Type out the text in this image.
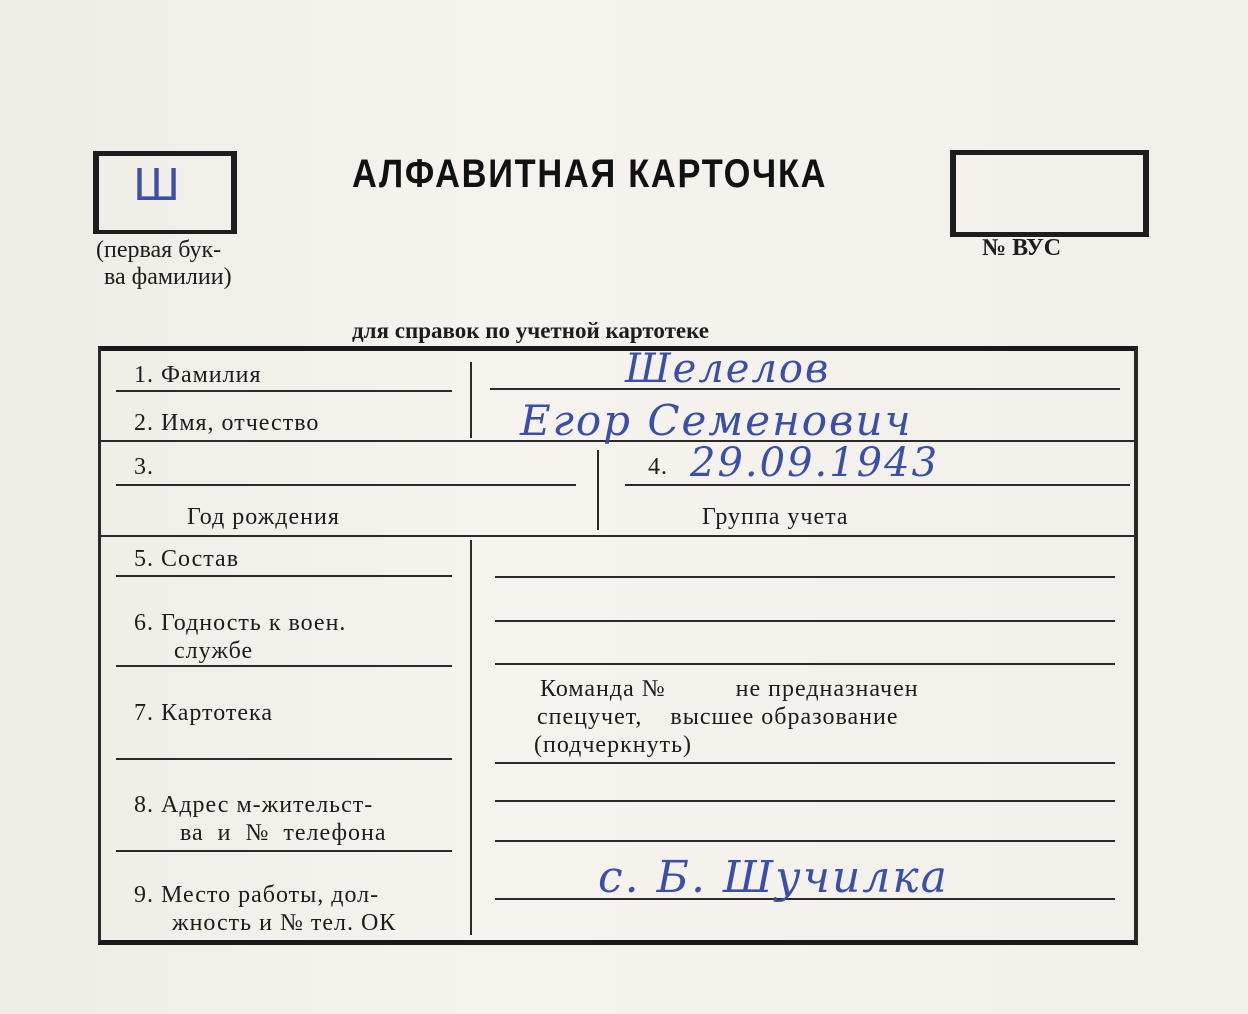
Ш
(первая бук-
ва фамилии)
АЛФАВИТНАЯ КАРТОЧКА
№ ВУС
для справок по учетной картотеке
1. Фамилия
2. Имя, отчество
3.
Год рождения
4.
Группа учета
5. Состав
6. Годность к воен.
службе
7. Картотека
Команда №          не предназначен
спецучет,    высшее образование
(подчеркнуть)
8. Адрес м-жительст-
ва  и  №  телефона
9. Место работы, дол-
жность и № тел. ОК
Шелелов
Егор Семенович
29.09.1943
с. Б. Шучилка
